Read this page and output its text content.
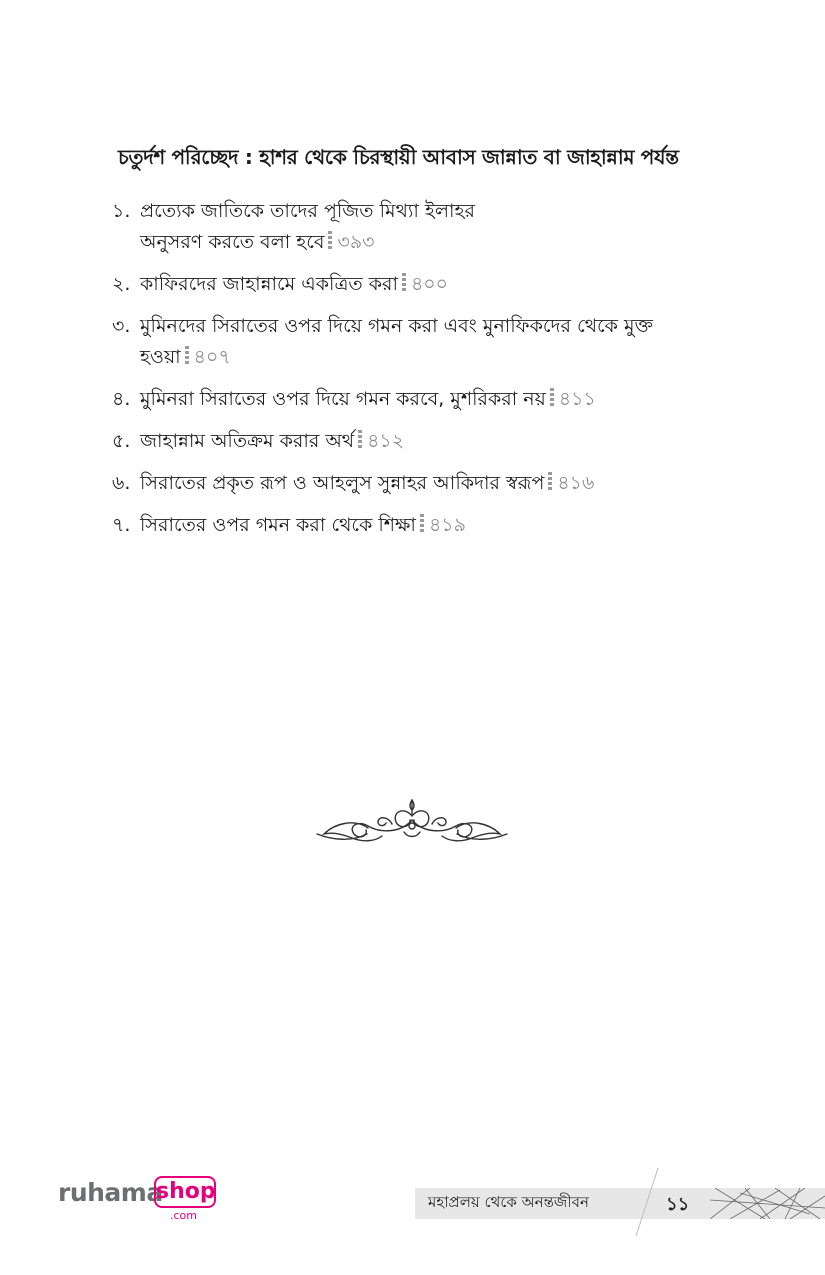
চতুর্দশ পরিচ্ছেদ : হাশর থেকে চিরস্থায়ী আবাস জান্নাত বা জাহান্নাম পর্যন্ত
১. প্রত্যেক জাতিকে তাদের পূজিত মিথ্যা ইলাহর
অনুসরণ করতে বলা হবে ৩৯৩
২. কাফিরদের জাহান্নামে একত্রিত করা ৪০০
৩. মুমিনদের সিরাতের ওপর দিয়ে গমন করা এবং মুনাফিকদের থেকে মুক্ত
হওয়া ৪০৭
৪. মুমিনরা সিরাতের ওপর দিয়ে গমন করবে, মুশরিকরা নয় ৪১১
৫. জাহান্নাম অতিক্রম করার অর্থ ৪১২
৬. সিরাতের প্রকৃত রূপ ও আহলুস সুন্নাহর আকিদার স্বরূপ ৪১৬
৭. সিরাতের ওপর গমন করা থেকে শিক্ষা ৪১৯
ruhama
shop
.com
মহাপ্রলয় থেকে অনন্তজীবন	১১
